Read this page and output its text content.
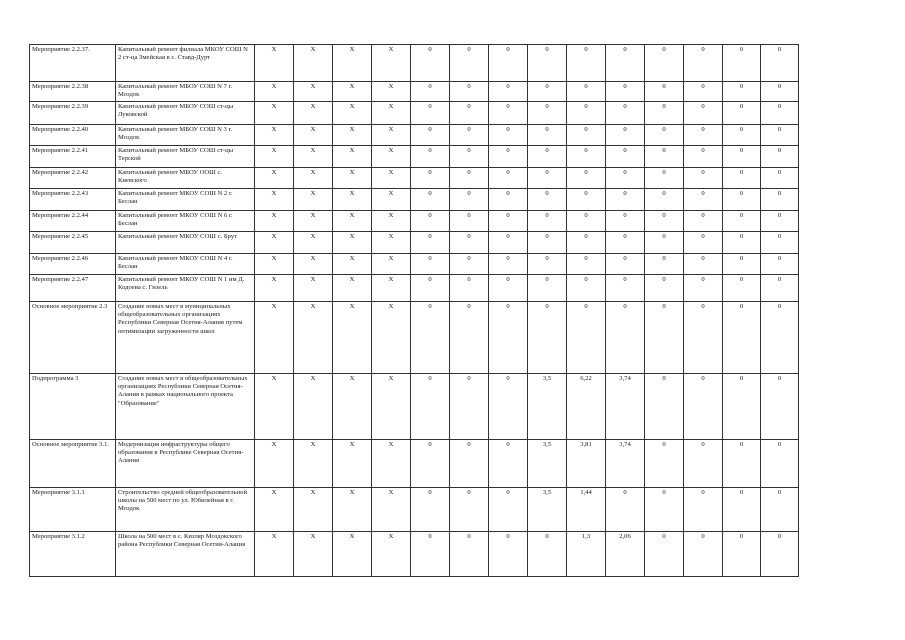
Мероприятие 2.2.37.	Капитальный ремонт филиала МКОУ СОШ N 2 ст-ца Змейская в с. Ставд-Дурт	X	X	X	X	0	0	0	0	0	0	0	0	0	0
Мероприятие 2.2.38	Капитальный ремонт МБОУ СОШ N 7 г. Моздок	X	X	X	X	0	0	0	0	0	0	0	0	0	0
Мероприятие 2.2.39	Капитальный ремонт МБОУ СОШ ст-цы Луковской	X	X	X	X	0	0	0	0	0	0	0	0	0	0
Мероприятие 2.2.40	Капитальный ремонт МБОУ СОШ N 3 г. Моздок	X	X	X	X	0	0	0	0	0	0	0	0	0	0
Мероприятие 2.2.41	Капитальный ремонт МБОУ СОШ ст-цы Терской	X	X	X	X	0	0	0	0	0	0	0	0	0	0
Мероприятие 2.2.42	Капитальный ремонт МБОУ ООШ с. Киевского	X	X	X	X	0	0	0	0	0	0	0	0	0	0
Мероприятие 2.2.43	Капитальный ремонт МКОУ СОШ N 2 г. Беслан	X	X	X	X	0	0	0	0	0	0	0	0	0	0
Мероприятие 2.2.44	Капитальный ремонт МКОУ СОШ N 6 г. Беслан	X	X	X	X	0	0	0	0	0	0	0	0	0	0
Мероприятие 2.2.45	Капитальный ремонт МКОУ СОШ с. Брут	X	X	X	X	0	0	0	0	0	0	0	0	0	0
Мероприятие 2.2.46	Капитальный ремонт МКОУ СОШ N 4 г. Беслан	X	X	X	X	0	0	0	0	0	0	0	0	0	0
Мероприятие 2.2.47	Капитальный ремонт МКОУ СОШ N 1 им Д. Кодоева с. Гизель	X	X	X	X	0	0	0	0	0	0	0	0	0	0
Основное мероприятие 2.3	Создание новых мест в муниципальных общеобразовательных организациях Республики Северная Осетия-Алания путем оптимизации загруженности школ	X	X	X	X	0	0	0	0	0	0	0	0	0	0
Подпрограмма 3	Создание новых мест в общеобразовательных организациях Республики Северная Осетия-Алания в рамках национального проекта "Образование"	X	X	X	X	0	0	0	3,5	6,22	3,74	0	0	0	0
Основное мероприятие 3.1.	Модернизация инфраструктуры общего образования в Республике Северная Осетия-Алания	X	X	X	X	0	0	0	3,5	3,81	3,74	0	0	0	0
Мероприятие 3.1.1	Строительство средней общеобразовательной школы на 500 мест по ул. Юбилейная в г. Моздок	X	X	X	X	0	0	0	3,5	1,44	0	0	0	0	0
Мероприятие 3.1.2	Школа на 500 мест в с. Кизляр Моздокского района Республики Северная Осетия-Алания	X	X	X	X	0	0	0	0	1,3	2,06	0	0	0	0
